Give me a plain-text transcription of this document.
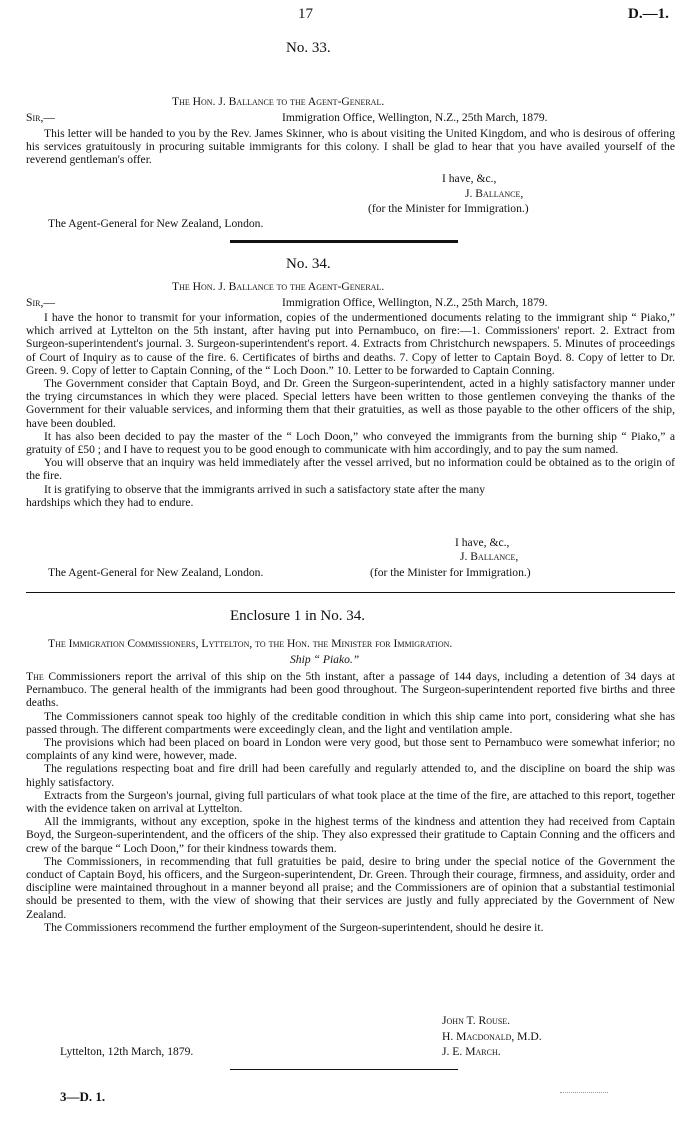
17	D.—1.
No. 33.
The Hon. J. Ballance to the Agent-General.
Sir,—	Immigration Office, Wellington, N.Z., 25th March, 1879.

This letter will be handed to you by the Rev. James Skinner, who is about visiting the United Kingdom, and who is desirous of offering his services gratuitously in procuring suitable immigrants for this colony. I shall be glad to hear that you have availed yourself of the reverend gentleman's offer.

I have, &c.,
J. Ballance,
(for the Minister for Immigration.)
The Agent-General for New Zealand, London.
No. 34.
The Hon. J. Ballance to the Agent-General.
Sir,—	Immigration Office, Wellington, N.Z., 25th March, 1879.

I have the honor to transmit for your information, copies of the undermentioned documents relating to the immigrant ship “ Piako,” which arrived at Lyttelton on the 5th instant, after having put into Pernambuco, on fire:—1. Commissioners' report. 2. Extract from Surgeon-superintendent's journal. 3. Surgeon-superintendent's report. 4. Extracts from Christchurch newspapers. 5. Minutes of proceedings of Court of Inquiry as to cause of the fire. 6. Certificates of births and deaths. 7. Copy of letter to Captain Boyd. 8. Copy of letter to Dr. Green. 9. Copy of letter to Captain Conning, of the “ Loch Doon.” 10. Letter to be forwarded to Captain Conning.

The Government consider that Captain Boyd, and Dr. Green the Surgeon-superintendent, acted in a highly satisfactory manner under the trying circumstances in which they were placed. Special letters have been written to those gentlemen conveying the thanks of the Government for their valuable services, and informing them that their gratuities, as well as those payable to the other officers of the ship, have been doubled.

It has also been decided to pay the master of the “ Loch Doon,” who conveyed the immigrants from the burning ship “ Piako,” a gratuity of £50 ; and I have to request you to be good enough to communicate with him accordingly, and to pay the sum named.

You will observe that an inquiry was held immediately after the vessel arrived, but no information could be obtained as to the origin of the fire.

It is gratifying to observe that the immigrants arrived in such a satisfactory state after the many hardships which they had to endure.

I have, &c.,
J. Ballance,
The Agent-General for New Zealand, London.	(for the Minister for Immigration.)
Enclosure 1 in No. 34.
The Immigration Commissioners, Lyttelton, to the Hon. the Minister for Immigration.
Ship “ Piako.”

The Commissioners report the arrival of this ship on the 5th instant, after a passage of 144 days, including a detention of 34 days at Pernambuco. The general health of the immigrants had been good throughout. The Surgeon-superintendent reported five births and three deaths.

The Commissioners cannot speak too highly of the creditable condition in which this ship came into port, considering what she has passed through. The different compartments were exceedingly clean, and the light and ventilation ample.

The provisions which had been placed on board in London were very good, but those sent to Pernambuco were somewhat inferior; no complaints of any kind were, however, made.

The regulations respecting boat and fire drill had been carefully and regularly attended to, and the discipline on board the ship was highly satisfactory.

Extracts from the Surgeon's journal, giving full particulars of what took place at the time of the fire, are attached to this report, together with the evidence taken on arrival at Lyttelton.

All the immigrants, without any exception, spoke in the highest terms of the kindness and attention they had received from Captain Boyd, the Surgeon-superintendent, and the officers of the ship. They also expressed their gratitude to Captain Conning and the officers and crew of the barque “ Loch Doon,” for their kindness towards them.

The Commissioners, in recommending that full gratuities be paid, desire to bring under the special notice of the Government the conduct of Captain Boyd, his officers, and the Surgeon-superintendent, Dr. Green. Through their courage, firmness, and assiduity, order and discipline were maintained throughout in a manner beyond all praise; and the Commissioners are of opinion that a substantial testimonial should be presented to them, with the view of showing that their services are justly and fully appreciated by the Government of New Zealand.

The Commissioners recommend the further employment of the Surgeon-superintendent, should he desire it.

John T. Rouse.
H. Macdonald, M.D.
J. E. March.
Lyttelton, 12th March, 1879.
3—D. 1.
